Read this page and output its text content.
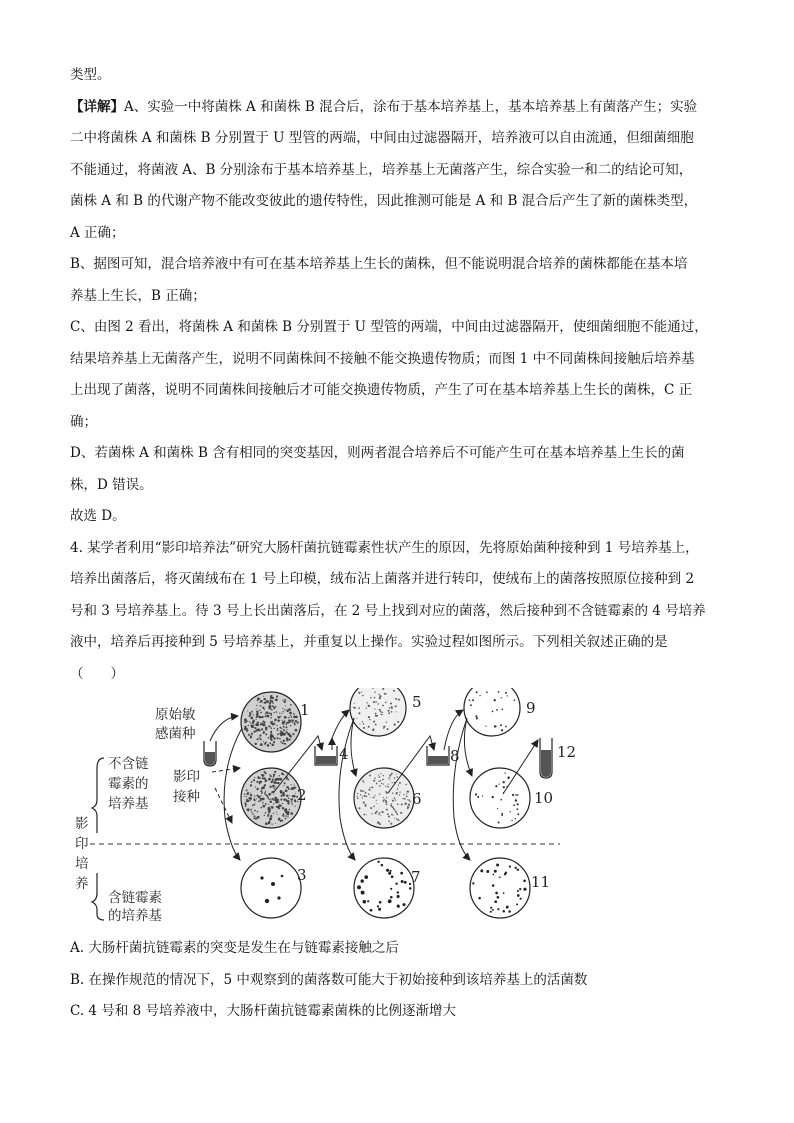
类型。
【详解】A、实验一中将菌株 A 和菌株 B 混合后，涂布于基本培养基上，基本培养基上有菌落产生；实验
二中将菌株 A 和菌株 B 分别置于 U 型管的两端，中间由过滤器隔开，培养液可以自由流通，但细菌细胞
不能通过，将菌液 A、B 分别涂布于基本培养基上，培养基上无菌落产生，综合实验一和二的结论可知，
菌株 A 和 B 的代谢产物不能改变彼此的遗传特性，因此推测可能是 A 和 B 混合后产生了新的菌株类型，
A 正确；
B、据图可知，混合培养液中有可在基本培养基上生长的菌株，但不能说明混合培养的菌株都能在基本培
养基上生长，B 正确；
C、由图 2 看出，将菌株 A 和菌株 B 分别置于 U 型管的两端，中间由过滤器隔开，使细菌细胞不能通过，
结果培养基上无菌落产生，说明不同菌株间不接触不能交换遗传物质；而图 1 中不同菌株间接触后培养基
上出现了菌落，说明不同菌株间接触后才可能交换遗传物质，产生了可在基本培养基上生长的菌株，C 正
确；
D、若菌株 A 和菌株 B 含有相同的突变基因，则两者混合培养后不可能产生可在基本培养基上生长的菌
株，D 错误。
故选 D。
4. 某学者利用“影印培养法”研究大肠杆菌抗链霉素性状产生的原因，先将原始菌种接种到 1 号培养基上，
培养出菌落后，将灭菌绒布在 1 号上印模，绒布沾上菌落并进行转印，使绒布上的菌落按照原位接种到 2
号和 3 号培养基上。待 3 号上长出菌落后，在 2 号上找到对应的菌落，然后接种到不含链霉素的 4 号培养
液中，培养后再接种到 5 号培养基上，并重复以上操作。实验过程如图所示。下列相关叙述正确的是
（　　）
原始敏
感菌种
不含链
霉素的
培养基
影印
接种
影
印
培
养
含链霉素
的培养基
1
2
3
4
5
6
7
8
9
10
11
12
A. 大肠杆菌抗链霉素的突变是发生在与链霉素接触之后
B. 在操作规范的情况下，5 中观察到的菌落数可能大于初始接种到该培养基上的活菌数
C. 4 号和 8 号培养液中，大肠杆菌抗链霉素菌株的比例逐渐增大
